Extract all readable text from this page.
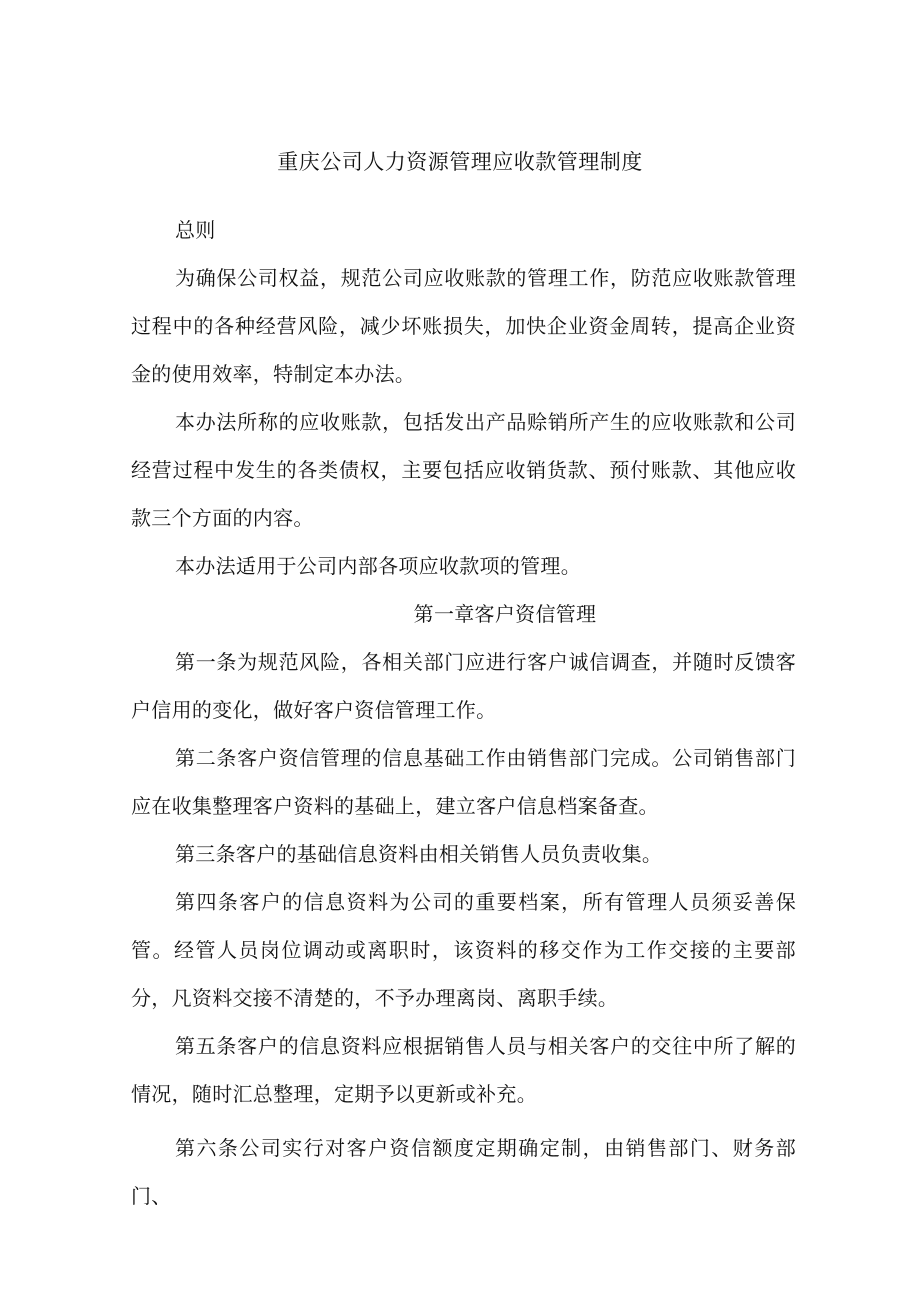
重庆公司人力资源管理应收款管理制度

总则

为确保公司权益，规范公司应收账款的管理工作，防范应收账款管理过程中的各种经营风险，减少坏账损失，加快企业资金周转，提高企业资金的使用效率，特制定本办法。

本办法所称的应收账款，包括发出产品赊销所产生的应收账款和公司经营过程中发生的各类债权，主要包括应收销货款、预付账款、其他应收款三个方面的内容。

本办法适用于公司内部各项应收款项的管理。

第一章客户资信管理

第一条为规范风险，各相关部门应进行客户诚信调查，并随时反馈客户信用的变化，做好客户资信管理工作。

第二条客户资信管理的信息基础工作由销售部门完成。公司销售部门应在收集整理客户资料的基础上，建立客户信息档案备查。

第三条客户的基础信息资料由相关销售人员负责收集。

第四条客户的信息资料为公司的重要档案，所有管理人员须妥善保管。经管人员岗位调动或离职时，该资料的移交作为工作交接的主要部分，凡资料交接不清楚的，不予办理离岗、离职手续。

第五条客户的信息资料应根据销售人员与相关客户的交往中所了解的情况，随时汇总整理，定期予以更新或补充。

第六条公司实行对客户资信额度定期确定制，由销售部门、财务部门、
